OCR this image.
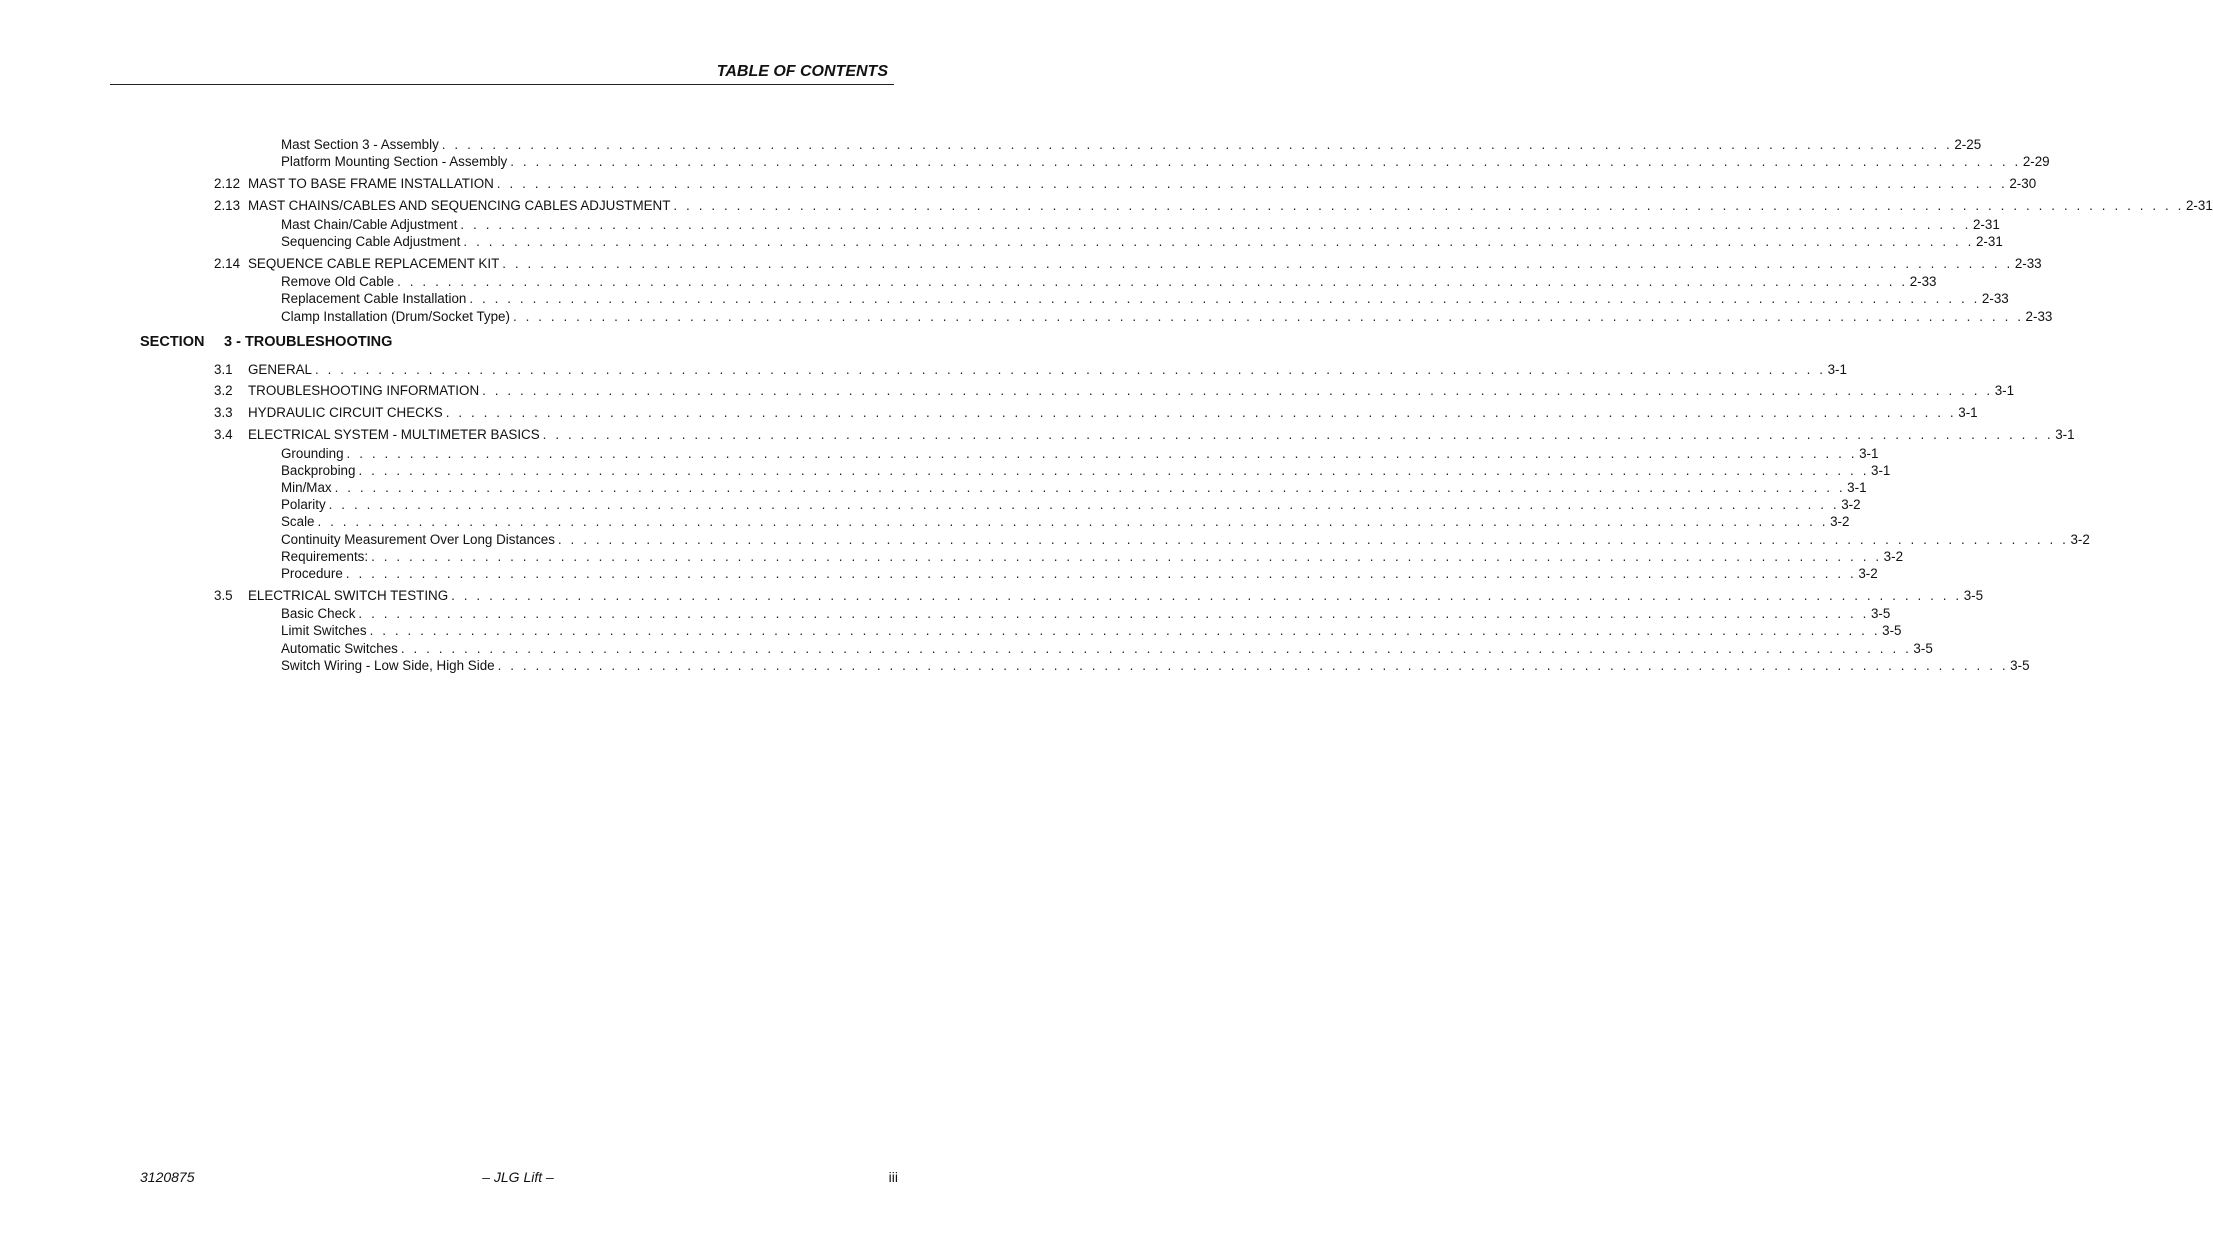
TABLE OF CONTENTS
Mast Section 3 - Assembly . . . . . . . . . . . . . . . . . . . . . . . . . . . . . . . . . . . . . . . . . . . . . . . . . . . . . . . . . . . . . . . . . . . . . . . . . . . . . . . . . . . . . . . . . . . . . . . . . . . . . . . . . . . . . . . . . . . . . . . . 2-25
Platform Mounting Section - Assembly . . . . . . . . . . . . . . . . . . . . . . . . . . . . . . . . . . . . . . . . . . . . . . . . . . . . . . . . . . . . . . . . . . . . . . . . . . . . . . . . . . . . . . . . . . . . . . . . . . . . . . . . . . . . . . . . . . . . . . . . 2-29
2.12 MAST TO BASE FRAME INSTALLATION . . . . . . . . . . . . . . . . . . . . . . . . . . . . . . . . . . . . . . . . . . . . . . . . . . . . . . . . . . . . . . . . . . . . . . . . . . . . . . . . . . . . . . . . . . . . . . . . . . . . . . . . . . . . . . . . . . . . . . . . 2-30
2.13 MAST CHAINS/CABLES AND SEQUENCING CABLES ADJUSTMENT . . . . . . . . . . . . . . . . . . . . . . . . . . . . . . . . . . . . . . . . . . . . . . . . . . . . . . . . . . . . . . . . . . . . . . . . . . . . . . . . . . . . . . . . . . . . . . . . . . . . . . . . . . . . . . . . . . . . . . . . 2-31
Mast Chain/Cable Adjustment . . . . . . . . . . . . . . . . . . . . . . . . . . . . . . . . . . . . . . . . . . . . . . . . . . . . . . . . . . . . . . . . . . . . . . . . . . . . . . . . . . . . . . . . . . . . . . . . . . . . . . . . . . . . . . . . . . . . . . . . 2-31
Sequencing Cable Adjustment . . . . . . . . . . . . . . . . . . . . . . . . . . . . . . . . . . . . . . . . . . . . . . . . . . . . . . . . . . . . . . . . . . . . . . . . . . . . . . . . . . . . . . . . . . . . . . . . . . . . . . . . . . . . . . . . . . . . . . . . 2-31
2.14 SEQUENCE CABLE REPLACEMENT KIT . . . . . . . . . . . . . . . . . . . . . . . . . . . . . . . . . . . . . . . . . . . . . . . . . . . . . . . . . . . . . . . . . . . . . . . . . . . . . . . . . . . . . . . . . . . . . . . . . . . . . . . . . . . . . . . . . . . . . . . . 2-33
Remove Old Cable . . . . . . . . . . . . . . . . . . . . . . . . . . . . . . . . . . . . . . . . . . . . . . . . . . . . . . . . . . . . . . . . . . . . . . . . . . . . . . . . . . . . . . . . . . . . . . . . . . . . . . . . . . . . . . . . . . . . . . . . 2-33
Replacement Cable Installation . . . . . . . . . . . . . . . . . . . . . . . . . . . . . . . . . . . . . . . . . . . . . . . . . . . . . . . . . . . . . . . . . . . . . . . . . . . . . . . . . . . . . . . . . . . . . . . . . . . . . . . . . . . . . . . . . . . . . . . . 2-33
Clamp Installation (Drum/Socket Type) . . . . . . . . . . . . . . . . . . . . . . . . . . . . . . . . . . . . . . . . . . . . . . . . . . . . . . . . . . . . . . . . . . . . . . . . . . . . . . . . . . . . . . . . . . . . . . . . . . . . . . . . . . . . . . . . . . . . . . . . 2-33
SECTION 3 - TROUBLESHOOTING
3.1	GENERAL . . . . . . . . . . . . . . . . . . . . . . . . . . . . . . . . . . . . . . . . . . . . . . . . . . . . . . . . . . . . . . . . . . . . . . . . . . . . . . . . . . . . . . . . . . . . . . . . . . . . . . . . . . . . . . . . . . . . . . . . 3-1
3.2	TROUBLESHOOTING INFORMATION . . . . . . . . . . . . . . . . . . . . . . . . . . . . . . . . . . . . . . . . . . . . . . . . . . . . . . . . . . . . . . . . . . . . . . . . . . . . . . . . . . . . . . . . . . . . . . . . . . . . . . . . . . . . . . . . . . . . . . . . 3-1
3.3	HYDRAULIC CIRCUIT CHECKS . . . . . . . . . . . . . . . . . . . . . . . . . . . . . . . . . . . . . . . . . . . . . . . . . . . . . . . . . . . . . . . . . . . . . . . . . . . . . . . . . . . . . . . . . . . . . . . . . . . . . . . . . . . . . . . . . . . . . . . . 3-1
3.4	ELECTRICAL SYSTEM - MULTIMETER BASICS . . . . . . . . . . . . . . . . . . . . . . . . . . . . . . . . . . . . . . . . . . . . . . . . . . . . . . . . . . . . . . . . . . . . . . . . . . . . . . . . . . . . . . . . . . . . . . . . . . . . . . . . . . . . . . . . . . . . . . . . 3-1
Grounding . . . . . . . . . . . . . . . . . . . . . . . . . . . . . . . . . . . . . . . . . . . . . . . . . . . . . . . . . . . . . . . . . . . . . . . . . . . . . . . . . . . . . . . . . . . . . . . . . . . . . . . . . . . . . . . . . . . . . . . . 3-1
Backprobing . . . . . . . . . . . . . . . . . . . . . . . . . . . . . . . . . . . . . . . . . . . . . . . . . . . . . . . . . . . . . . . . . . . . . . . . . . . . . . . . . . . . . . . . . . . . . . . . . . . . . . . . . . . . . . . . . . . . . . . . 3-1
Min/Max . . . . . . . . . . . . . . . . . . . . . . . . . . . . . . . . . . . . . . . . . . . . . . . . . . . . . . . . . . . . . . . . . . . . . . . . . . . . . . . . . . . . . . . . . . . . . . . . . . . . . . . . . . . . . . . . . . . . . . . . 3-1
Polarity . . . . . . . . . . . . . . . . . . . . . . . . . . . . . . . . . . . . . . . . . . . . . . . . . . . . . . . . . . . . . . . . . . . . . . . . . . . . . . . . . . . . . . . . . . . . . . . . . . . . . . . . . . . . . . . . . . . . . . . . 3-2
Scale . . . . . . . . . . . . . . . . . . . . . . . . . . . . . . . . . . . . . . . . . . . . . . . . . . . . . . . . . . . . . . . . . . . . . . . . . . . . . . . . . . . . . . . . . . . . . . . . . . . . . . . . . . . . . . . . . . . . . . . . 3-2
Continuity Measurement Over Long Distances . . . . . . . . . . . . . . . . . . . . . . . . . . . . . . . . . . . . . . . . . . . . . . . . . . . . . . . . . . . . . . . . . . . . . . . . . . . . . . . . . . . . . . . . . . . . . . . . . . . . . . . . . . . . . . . . . . . . . . . . 3-2
Requirements: . . . . . . . . . . . . . . . . . . . . . . . . . . . . . . . . . . . . . . . . . . . . . . . . . . . . . . . . . . . . . . . . . . . . . . . . . . . . . . . . . . . . . . . . . . . . . . . . . . . . . . . . . . . . . . . . . . . . . . . . 3-2
Procedure . . . . . . . . . . . . . . . . . . . . . . . . . . . . . . . . . . . . . . . . . . . . . . . . . . . . . . . . . . . . . . . . . . . . . . . . . . . . . . . . . . . . . . . . . . . . . . . . . . . . . . . . . . . . . . . . . . . . . . . . 3-2
3.5	ELECTRICAL SWITCH TESTING . . . . . . . . . . . . . . . . . . . . . . . . . . . . . . . . . . . . . . . . . . . . . . . . . . . . . . . . . . . . . . . . . . . . . . . . . . . . . . . . . . . . . . . . . . . . . . . . . . . . . . . . . . . . . . . . . . . . . . . . 3-5
Basic Check . . . . . . . . . . . . . . . . . . . . . . . . . . . . . . . . . . . . . . . . . . . . . . . . . . . . . . . . . . . . . . . . . . . . . . . . . . . . . . . . . . . . . . . . . . . . . . . . . . . . . . . . . . . . . . . . . . . . . . . . 3-5
Limit Switches . . . . . . . . . . . . . . . . . . . . . . . . . . . . . . . . . . . . . . . . . . . . . . . . . . . . . . . . . . . . . . . . . . . . . . . . . . . . . . . . . . . . . . . . . . . . . . . . . . . . . . . . . . . . . . . . . . . . . . . . 3-5
Automatic Switches . . . . . . . . . . . . . . . . . . . . . . . . . . . . . . . . . . . . . . . . . . . . . . . . . . . . . . . . . . . . . . . . . . . . . . . . . . . . . . . . . . . . . . . . . . . . . . . . . . . . . . . . . . . . . . . . . . . . . . . . 3-5
Switch Wiring - Low Side, High Side . . . . . . . . . . . . . . . . . . . . . . . . . . . . . . . . . . . . . . . . . . . . . . . . . . . . . . . . . . . . . . . . . . . . . . . . . . . . . . . . . . . . . . . . . . . . . . . . . . . . . . . . . . . . . . . . . . . . . . . . 3-5
3120875	– JLG Lift –	iii
